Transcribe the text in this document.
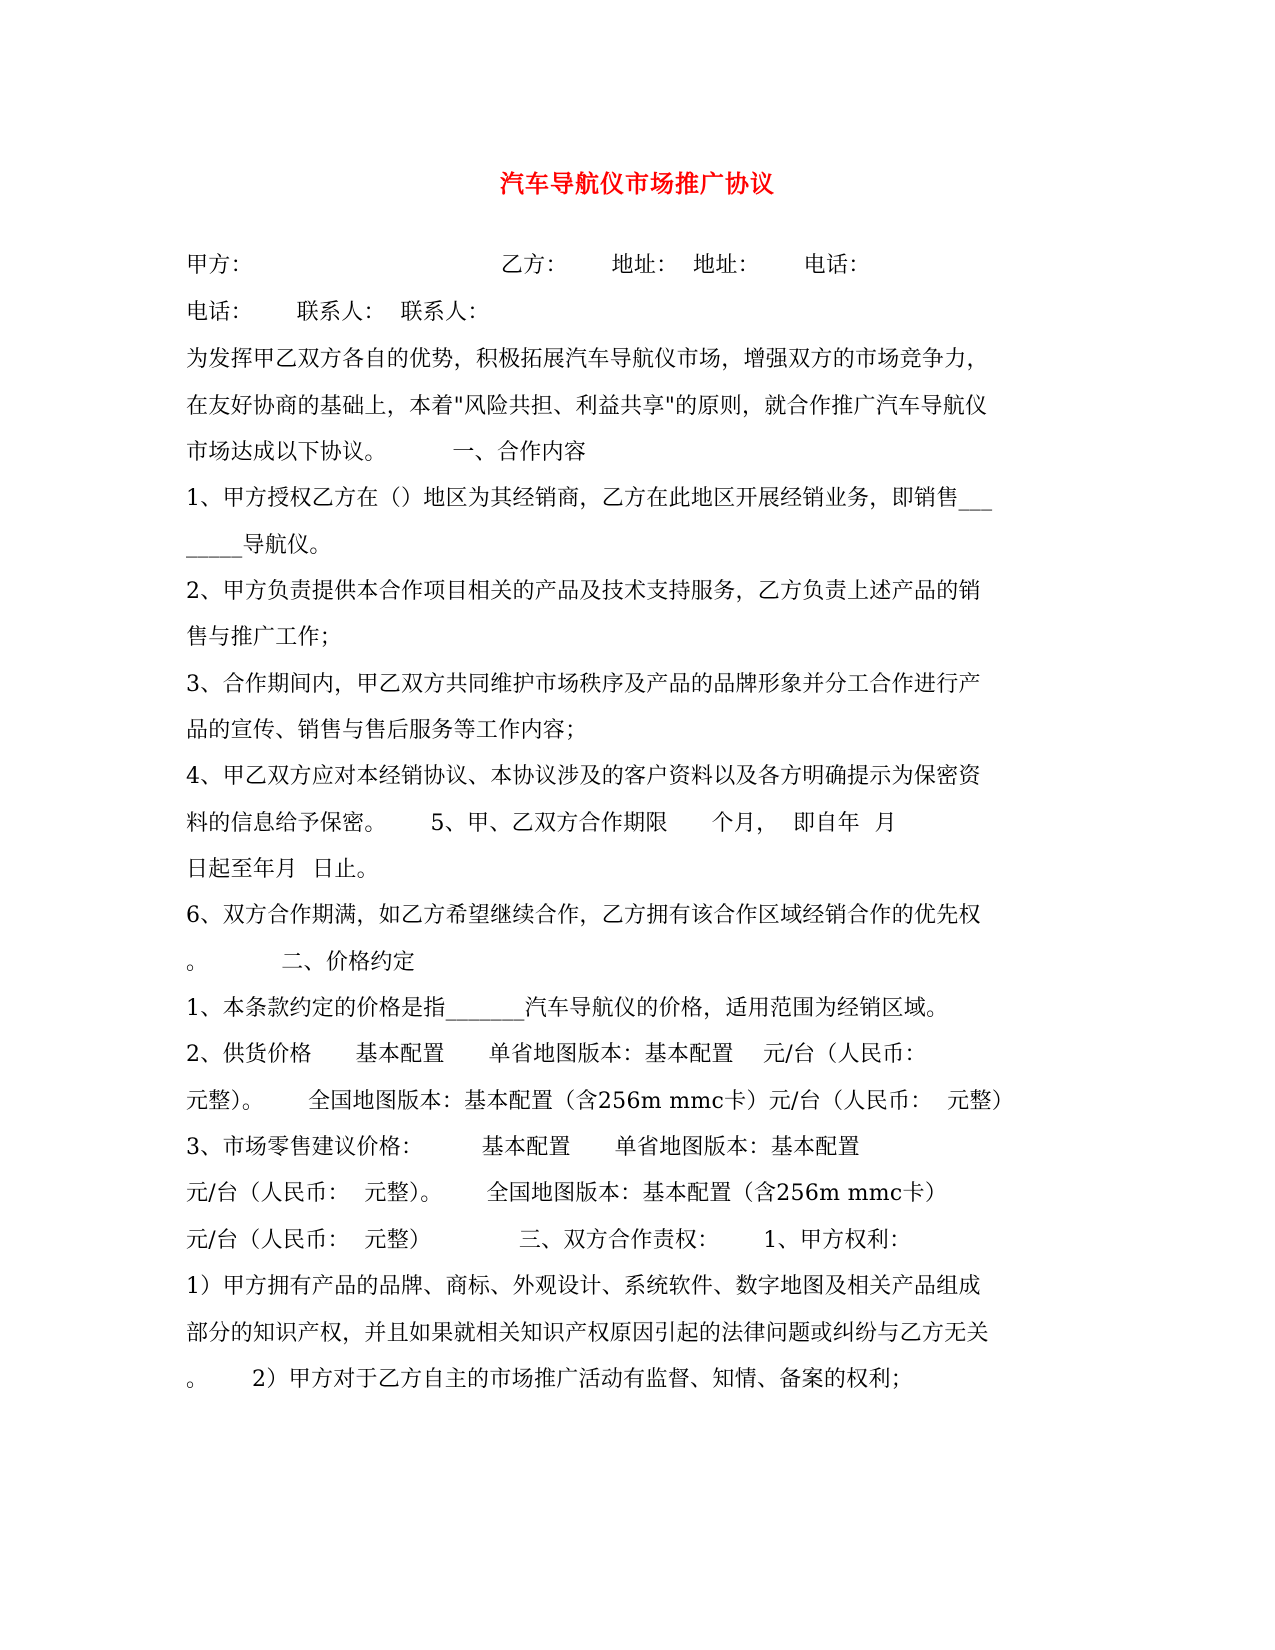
汽车导航仪市场推广协议
甲方：                                  乙方：      地址：  地址：      电话：
电话：      联系人：  联系人：
为发挥甲乙双方各自的优势，积极拓展汽车导航仪市场，增强双方的市场竞争力，
在友好协商的基础上，本着"风险共担、利益共享"的原则，就合作推广汽车导航仪
市场达成以下协议。         一、合作内容
1、甲方授权乙方在（）地区为其经销商，乙方在此地区开展经销业务，即销售___
_____导航仪。
2、甲方负责提供本合作项目相关的产品及技术支持服务，乙方负责上述产品的销
售与推广工作；
3、合作期间内，甲乙双方共同维护市场秩序及产品的品牌形象并分工合作进行产
品的宣传、销售与售后服务等工作内容；
4、甲乙双方应对本经销协议、本协议涉及的客户资料以及各方明确提示为保密资
料的信息给予保密。      5、甲、乙双方合作期限      个月，  即自年  月
日起至年月  日止。
6、双方合作期满，如乙方希望继续合作，乙方拥有该合作区域经销合作的优先权
。          二、价格约定
1、本条款约定的价格是指_______汽车导航仪的价格，适用范围为经销区域。
2、供货价格      基本配置      单省地图版本：基本配置    元/台（人民币：
元整）。      全国地图版本：基本配置（含256m mmc卡）元/台（人民币：  元整）
3、市场零售建议价格：        基本配置      单省地图版本：基本配置
元/台（人民币：  元整）。      全国地图版本：基本配置（含256m mmc卡）
元/台（人民币：  元整）            三、双方合作责权：      1、甲方权利：
1）甲方拥有产品的品牌、商标、外观设计、系统软件、数字地图及相关产品组成
部分的知识产权，并且如果就相关知识产权原因引起的法律问题或纠纷与乙方无关
。      2）甲方对于乙方自主的市场推广活动有监督、知情、备案的权利；
